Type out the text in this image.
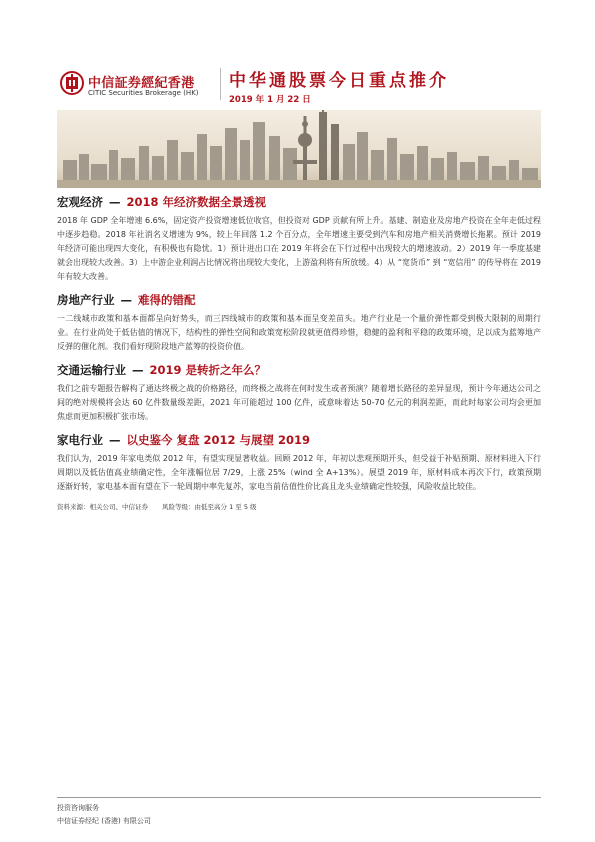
中信証券經紀香港
CITIC Securities Brokerage (HK)
中华通股票今日重点推介
2019 年 1 月 22 日
宏观经济 — 2018 年经济数据全景透视
2018 年 GDP 全年增速 6.6%，固定资产投资增速低位收官，但投资对 GDP 贡献有所上升。基建、制造业及房地产投资在全年走低过程中逐步趋稳。2018 年社消名义增速为 9%，较上年回落 1.2 个百分点，全年增速主要受到汽车和房地产相关消费增长拖累。预计 2019 年经济可能出现四大变化，有积极也有隐忧。1）预计进出口在 2019 年将会在下行过程中出现较大的增速波动。2）2019 年一季度基建就会出现较大改善。3）上中游企业利润占比情况将出现较大变化，上游盈利将有所放缓。4）从 “宽货币” 到 “宽信用” 的传导将在 2019 年有较大改善。
房地产行业 — 难得的错配
一二线城市政策和基本面都呈向好势头，而三四线城市的政策和基本面呈变差苗头。地产行业是一个量价弹性都受到极大限制的周期行业。在行业尚处于低估值的情况下，结构性的弹性空间和政策宽松阶段就更值得珍惜，稳健的盈利和平稳的政策环境，足以成为蓝筹地产反弹的催化剂。我们看好现阶段地产蓝筹的投资价值。
交通运输行业 — 2019 是转折之年么？
我们之前专题报告解构了通达终极之战的价格路径，而终极之战将在何时发生或者预演？随着增长路径的差异显现，预计今年通达公司之间的绝对规模将会达 60 亿件数量级差距，2021 年可能超过 100 亿件，或意味着达 50-70 亿元的利润差距，而此时每家公司均会更加焦虑而更加积极扩张市场。
家电行业 — 以史鉴今 复盘 2012 与展望 2019
我们认为，2019 年家电类似 2012 年，有望实现显著收益。回顾 2012 年，年初以悲观预期开头，但受益于补贴预期、原材料进入下行周期以及低估值高业绩确定性，全年涨幅位居 7/29，上涨 25%（wind 全 A+13%）。展望 2019 年，原材料成本再次下行，政策预期逐渐好转，家电基本面有望在下一轮周期中率先复苏，家电当前估值性价比高且龙头业绩确定性较强，风险收益比较佳。
资料来源：相关公司、中信证券 风险等级：由低至高分 1 至 5 级
投资咨询服务
中信证券经纪 (香港) 有限公司
